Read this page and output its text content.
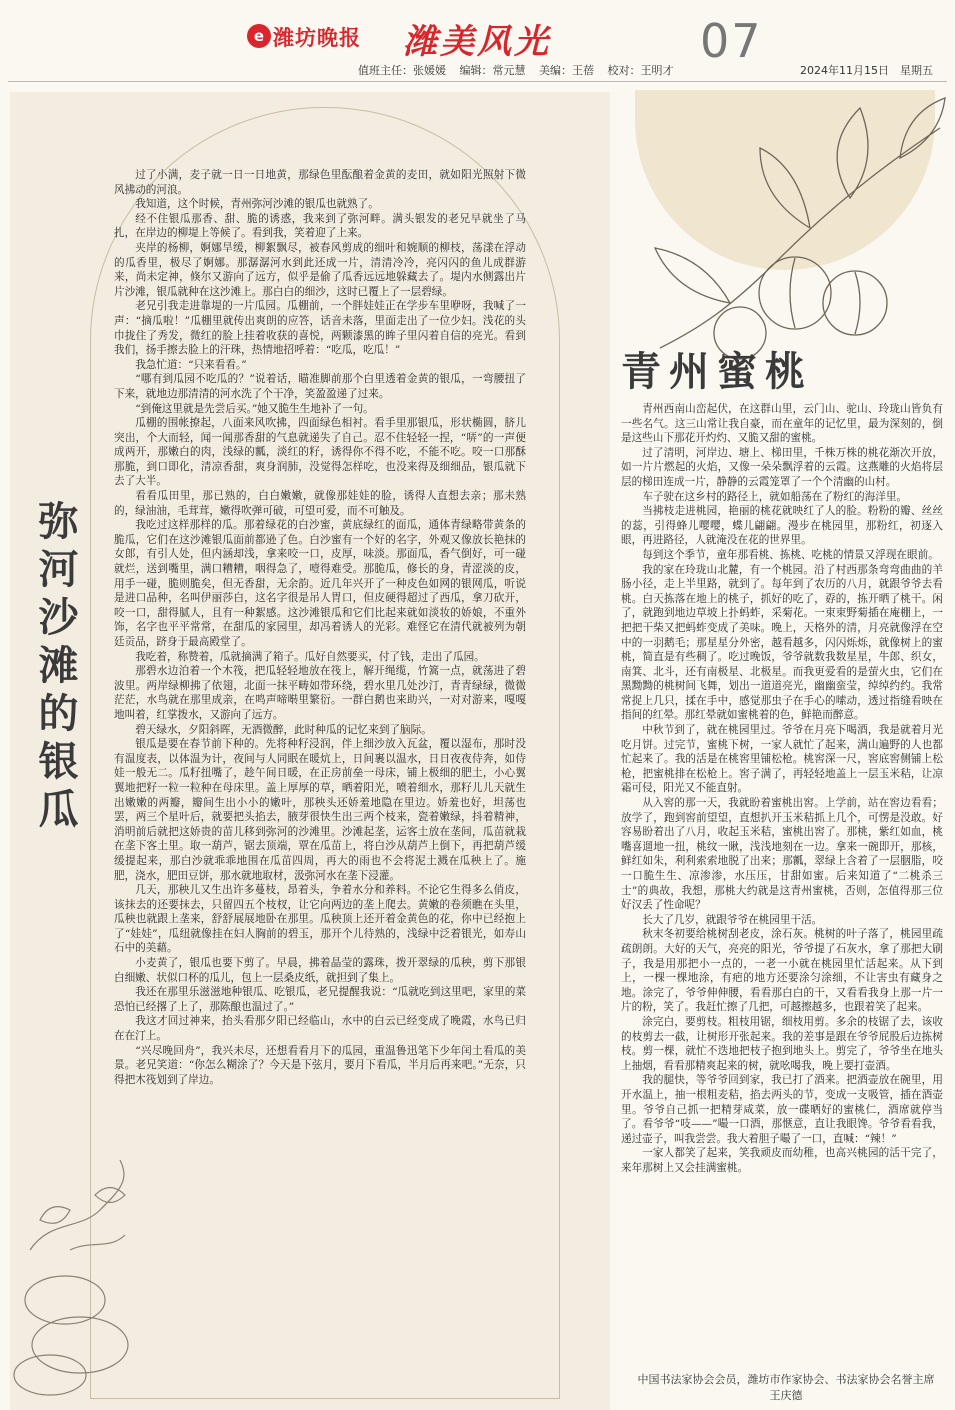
e 潍坊晚报 潍美风光	07
值班主任：张媛媛 编辑：常元慧 美编：王蓓 校对：王明才	2024年11月15日　星期五
弥河沙滩的银瓜

过了小满，麦子就一日一日地黄，那绿色里酝酿着金黄的麦田，就如阳光照射下微风拂动的河浪。

我知道，这个时候，青州弥河沙滩的银瓜也就熟了。

经不住银瓜那香、甜、脆的诱惑，我来到了弥河畔。满头银发的老兄早就坐了马扎，在岸边的柳堤上等候了。看到我，笑着迎了上来。

夹岸的杨柳，婀娜旱缓，柳絮飘尽，被春风剪成的细叶和婉顺的柳枝，荡漾在浮动的瓜香里，极尽了婀娜。那潺潺河水到此还成一片，清清冷冷，亮闪闪的鱼儿成群游来，尚未定神，倏尔又游向了远方，似乎是偷了瓜香远远地躲藏去了。堤内水侧露出片片沙滩，银瓜就种在这沙滩上。那白白的细沙，这时已覆上了一层碧绿。

老兄引我走进靠堤的一片瓜园。瓜棚前，一个胖娃娃正在学步车里咿呀，我喊了一声：“摘瓜啦！”瓜棚里就传出爽朗的应答，话音未落，里面走出了一位少妇。浅花的头巾拢住了秀发，微红的脸上挂着收获的喜悦，两颗漆黑的眸子里闪着自信的亮光。看到我们，扬手擦去脸上的汗珠，热情地招呼着：“吃瓜，吃瓜！”

我急忙道：“只来看看。”

“哪有到瓜园不吃瓜的？”说着话，瞄准脚前那个白里透着金黄的银瓜，一弯腰扭了下来，就地边那清清的河水洗了个干净，笑盈盈递了过来。

“到俺这里就是先尝后买。”她又脆生生地补了一句。

瓜棚的围帐撩起，八面来风吹拂，四面绿色相衬。看手里那银瓜，形状椭圆，脐儿突出，个大而轻，闻一闻那香甜的气息就递失了自己。忍不住轻轻一捏，“哢”的一声便成两开，那嫩白的肉，浅绿的瓤，淡红的籽，诱得你不得不吃，不能不吃。咬一口那酥那脆，到口即化，清凉香甜，爽身润肺，没觉得怎样吃，也没来得及细细品，银瓜就下去了大半。

看看瓜田里，那已熟的，白白嫩嫩，就像那娃娃的脸，诱得人直想去亲；那未熟的，绿油油，毛茸茸，嫩得吹弹可破，可望可爱，而不可触及。

我吃过这样那样的瓜。那着绿花的白沙蜜，黄底绿红的面瓜，通体青绿略带黄条的脆瓜，它们在这沙滩银瓜面前都逊了色。白沙蜜有一个好的名字，外观又像放长艳抹的女郎，有引人处，但内涵却浅，拿来咬一口，皮厚，味淡。那面瓜，香气倒好，可一碰就烂，送到嘴里，满口糟糟，咽得急了，噎得难受。那脆瓜，修长的身，青涩淡的皮，用手一碰，脆则脆矣，但无香甜，无余韵。近几年兴开了一种皮色如网的银网瓜，听说是进口品种，名叫伊丽莎白，这名字很是吊人胃口，但皮硬得超过了西瓜，拿刀砍开，咬一口，甜得腻人，且有一种絮感。这沙滩银瓜和它们比起来就如淡妆的娇娘，不重外饰，名字也平平常常，在甜瓜的家园里，却冯着诱人的光彩。难怪它在清代就被列为朝廷贡品，跻身于最高殿堂了。

我吃着，称赞着，瓜就摘满了箱子。瓜好自然要买，付了钱，走出了瓜园。

那碧水边泊着一个木筏，把瓜轻轻地放在筏上，解开绳缆，竹篙一点，就荡进了碧波里。两岸绿柳拂了依翅，北面一抹平畴如带环绕，碧水里几处沙汀，青青绿绿，微微茫茫，水鸟就在那里成亲，在鸣声啼啭里繁衍。一群白鹅也来助兴，一对对游来，嘎嘎地叫着，红掌拨水，又游向了远方。

碧天绿水，夕阳斜晖，无酒微醉，此时种瓜的记忆来到了脑际。

银瓜是要在春节前下种的。先将种籽浸润，伴上细沙放入瓦盆，覆以湿布，那时没有温度表，以体温为计，夜间与人同眠在暖炕上，日间裹以温水，日日夜夜侍奔，如侍娃一般无二。瓜籽扭嘴了，趁午间日暖，在正房前垒一母床，铺上极细的肥土，小心翼翼地把籽一粒一粒种在母床里。盖上厚厚的草，晒着阳光，喷着细水，那籽儿儿天就生出嫩嫩的两瓣，瓣间生出小小的嫩叶，那秧头还娇羞地隐在里边。娇羞也好，坦荡也罢，两三个星叶后，就要把头掐去，腋芽很快生出三两个枝来，瓷着嫩绿，抖着精神，消明前后就把这娇贵的苗儿移到弥河的沙滩里。沙滩起垄，运客土放在垄间，瓜苗就栽在垄下客土里。取一葫芦，锯去顶端，覃在瓜苗上，将白沙从葫芦上倒下，再把葫芦缓缓提起来，那白沙就乖乖地围在瓜苗四周，再大的雨也不会将泥土溅在瓜秧上了。施肥，浇水，肥田豆饼，那水就地取材，汲弥河水在垄下浸灌。

几天，那秧儿又生出许多蔓枝，昂着头，争着水分和养料。不论它生得多么俏皮，该抹去的还要抹去，只留四五个枝杈，让它向两边的垄上爬去。黄嫩的卷须瞧在头里，瓜秧也就跟上垄来，舒舒展展地卧在那里。瓜秧顶上还开着金黄色的花，你中已经抱上了“娃娃”，瓜纽就像挂在妇人胸前的碧玉，那开个儿待熟的，浅绿中泛着银光，如寿山石中的美藉。

小麦黄了，银瓜也要下剪了。早晨，拂着晶莹的露珠，拨开翠绿的瓜秧，剪下那银白细嫩、状似口杯的瓜儿，包上一层桑皮纸，就担到了集上。

我还在那里乐滋滋地种银瓜、吃银瓜，老兄提醒我说：“瓜就吃到这里吧，家里的菜恐怕已经撂了上了，那陈酿也温过了。”

我这才回过神来，抬头看那夕阳已经临山，水中的白云已经变成了晚霞，水鸟已归在在汀上。

“兴尽晚回舟”，我兴未尽，还想看看月下的瓜园，重温鲁迅笔下少年闰土看瓜的美景。老兄笑道：“你怎么糊涂了？今天是下弦月，要月下看瓜，半月后再来吧。”无奈，只得把木筏划到了岸边。

青州蜜桃

青州西南山峦起伏，在这群山里，云门山、驼山、玲珑山皆负有一些名气。这三山常让我自豪，而在童年的记忆里，最为深刻的，倒是这些山下那花开灼灼、又脆又甜的蜜桃。

过了清明，河岸边、塘上、梯田里，千株万株的桃花渐次开放，如一片片燃起的火焰，又像一朵朵飘浮着的云霞。这燕雕的火焰将层层的梯田连成一片，静静的云霞笼罩了一个个清幽的山村。

车子驶在这乡村的路径上，就如船荡在了粉红的海洋里。

当拂枝走进桃园，艳丽的桃花就映红了人的脸。粉粉的瓣、丝丝的蕊，引得蜂儿嘤嘤，蝶儿翩翩。漫步在桃园里，那粉红，初逐入眼，再进路径，人就淹没在花的世界里。

每到这个季节，童年那看桃、拣桃、吃桃的情景又浮现在眼前。

我的家在玲珑山北麓，有一个桃园。沿了村西那条弯弯曲曲的羊肠小径，走上半里路，就到了。每年到了农历的八月，就跟爷爷去看桃。白天拣落在地上的桃子，抓好的吃了，孬的，拣开晒了桃干。闲了，就跑到地边草坡上扑蚂蚱，采菊花。一束束野菊插在庵棚上，一把把干柴又把蚂蚱变成了美味。晚上，天格外的清，月亮就像浮在空中的一羽鹅毛；那星星分外密，越看越多，闪闪烁烁，就像树上的蜜桃，简直是有些稠了。吃过晚饭，爷爷就数我数星星，牛郎、织女，南箕、北斗，还有南极星、北极星。而我更爱看的是萤火虫，它们在黑黝黝的桃树间飞舞，划出一道道亮光，幽幽蛮莹，绰绰约约。我常常捉上几只，揉在手中，感觉那虫子在手心的嗦动，透过指缝看映在指间的红晕。那红晕就如蜜桃着的色，鲜艳而醉意。

中秋节到了，就在桃园里过。爷爷在月亮下喝酒，我是就着月光吃月饼。过完节，蜜桃下树，一家人就忙了起来，满山遍野的人也都忙起来了。我的活是在桃窖里铺松枪。桃窖深一尺，窖底窖侧铺上松枪，把蜜桃排在松枪上。窖子满了，再轻轻地盖上一层玉米秸，让凉霜可侵，阳光又不能直射。

从入窖的那一天，我就盼着蜜桃出窖。上学前，站在窖边看看；放学了，跑到窖前望望，直想扒开玉米秸抓上几个，可愣是没敢。好容易盼着出了八月，收起玉米秸，蜜桃出窖了。那桃，紫红如血，桃嘴喜遛地一扭，桃纹一瞅，浅浅地刻在一边。拿来一碗即开，那核，鲜红如朱，利利索索地脱了出来；那瓤，翠绿上含着了一层胭脂，咬一口脆生生、凉渗渗，水压压，甘甜如蜜。后来知道了“二桃杀三士”的典故，我想，那桃大约就是这青州蜜桃，否则，怎值得那三位好汉丢了性命呢？

长大了几岁，就跟爷爷在桃园里干活。

秋末冬初要给桃树刮老皮，涂石灰。桃树的叶子落了，桃园里疏疏朗朗。大好的天气，亮亮的阳光，爷爷提了石灰水，拿了那把大刷子，我是用那把小一点的，一老一小就在桃园里忙活起来。从下到上，一棵一棵地涂，有疤的地方还要涂匀涂细，不让害虫有藏身之地。涂完了，爷爷伸伸腰，看看那白白的干，又看看我身上那一片一片的粉，笑了。我赶忙擦了几把，可越擦越多，也跟着笑了起来。

涂完白，要剪枝。粗枝用锯，细枝用剪。多余的枝锯了去，该收的枝剪去一截，让树形开张起来。我的差事是跟在爷爷屁股后边拣树枝。剪一棵，就忙不迭地把枝子抱到地头上。剪完了，爷爷坐在地头上抽烟，看看那精爽起来的树，就吆喝我，晚上要打壶酒。

我的腿快，等爷爷回到家，我已打了酒来。把酒壶放在碗里，用开水温上，抽一根粗麦秸，掐去两头的节，变成一支吸管，插在酒壶里。爷爷自己抓一把精芽咸菜，放一碟晒好的蜜桃仁，酒席就停当了。看爷爷“吱——”嘬一口酒，那惬意，直让我眼馋。爷爷看看我，递过壶子，叫我尝尝。我大着胆子嘬了一口，直喊：“辣！”

一家人都笑了起来，笑我顽皮而幼稚，也高兴桃园的活干完了，来年那树上又会挂满蜜桃。

中国书法家协会会员，潍坊市作家协会、书法家协会名誉主席　王庆德
